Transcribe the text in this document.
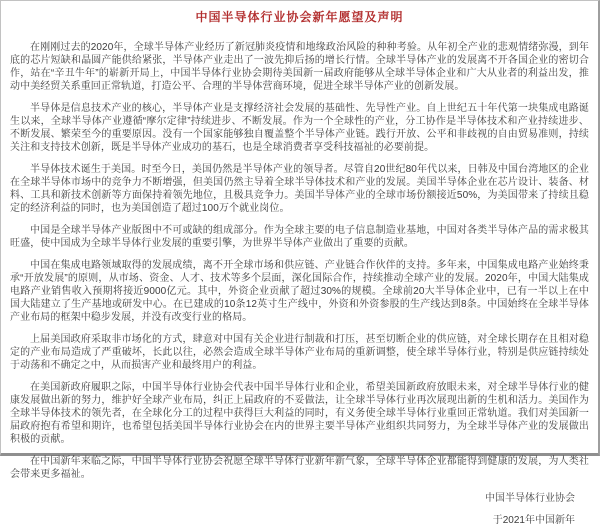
中国半导体行业协会新年愿望及声明

在刚刚过去的2020年，全球半导体产业经历了新冠肺炎疫情和地缘政治风险的种种考验。从年初全产业的悲观情绪弥漫，到年底的芯片短缺和晶圆产能供给紧张，半导体产业走出了一波先抑后扬的增长行情。全球半导体产业的发展离不开各国企业的密切合作，站在“辛丑牛年”的崭新开局上，中国半导体行业协会期待美国新一届政府能够从全球半导体企业和广大从业者的利益出发，推动中美经贸关系重回正常轨道，打造公平、合理的半导体营商环境，促进全球半导体产业的创新发展。

半导体是信息技术产业的核心，半导体产业是支撑经济社会发展的基础性、先导性产业。自上世纪五十年代第一块集成电路诞生以来，全球半导体产业遵循“摩尔定律”持续进步、不断发展。作为一个全球性的产业，分工协作是半导体技术和产业持续进步、不断发展、繁荣至今的重要原因。没有一个国家能够独自覆盖整个半导体产业链。践行开放、公平和非歧视的自由贸易准则，持续关注和支持技术创新，既是半导体产业成功的基石，也是全球消费者享受科技福祉的必要前提。

半导体技术诞生于美国。时至今日，美国仍然是半导体产业的领导者。尽管自20世纪80年代以来，日韩及中国台湾地区的企业在全球半导体市场中的竞争力不断增强，但美国仍然主导着全球半导体技术和产业的发展。美国半导体企业在芯片设计、装备、材料、工具和新技术创新等方面保持着领先地位，且极具竞争力。美国半导体产业的全球市场份额接近50%，为美国带来了持续且稳定的经济利益的同时，也为美国创造了超过100万个就业岗位。

中国是全球半导体产业版图中不可或缺的组成部分。作为全球主要的电子信息制造业基地，中国对各类半导体产品的需求极其旺盛，使中国成为全球半导体行业发展的重要引擎，为世界半导体产业做出了重要的贡献。

中国在集成电路领域取得的发展成绩，离不开全球市场和供应链、产业链合作伙伴的支持。多年来，中国集成电路产业始终秉承“开放发展”的原则，从市场、资金、人才、技术等多个层面，深化国际合作，持续推动全球产业的发展。2020年，中国大陆集成电路产业销售收入预期将接近9000亿元。其中，外资企业贡献了超过30%的规模。全球前20大半导体企业中，已有一半以上在中国大陆建立了生产基地或研发中心。在已建成的10条12英寸生产线中，外资和外资参股的生产线达到8条。中国始终在全球半导体产业布局的框架中稳步发展，并没有改变行业的格局。

上届美国政府采取非市场化的方式，肆意对中国有关企业进行制裁和打压，甚至切断企业的供应链，对全球长期存在且相对稳定的产业布局造成了严重破坏，长此以往，必然会造成全球半导体产业布局的重新调整，使全球半导体行业，特别是供应链持续处于动荡和不确定之中，从而损害产业和最终用户的利益。

在美国新政府履职之际，中国半导体行业协会代表中国半导体行业和企业，希望美国新政府放眼未来，对全球半导体行业的健康发展做出新的努力，维护好全球产业布局，纠正上届政府的不妥做法，让全球半导体行业再次展现出新的生机和活力。美国作为全球半导体技术的领先者，在全球化分工的过程中获得巨大利益的同时，有义务使全球半导体行业重回正常轨道。我们对美国新一届政府抱有希望和期许，也希望包括美国半导体行业协会在内的世界主要半导体产业组织共同努力，为全球半导体产业的发展做出积极的贡献。

在中国新年来临之际，中国半导体行业协会祝愿全球半导体行业新年新气象，全球半导体企业都能得到健康的发展，为人类社会带来更多福祉。

中国半导体行业协会
于2021年中国新年
